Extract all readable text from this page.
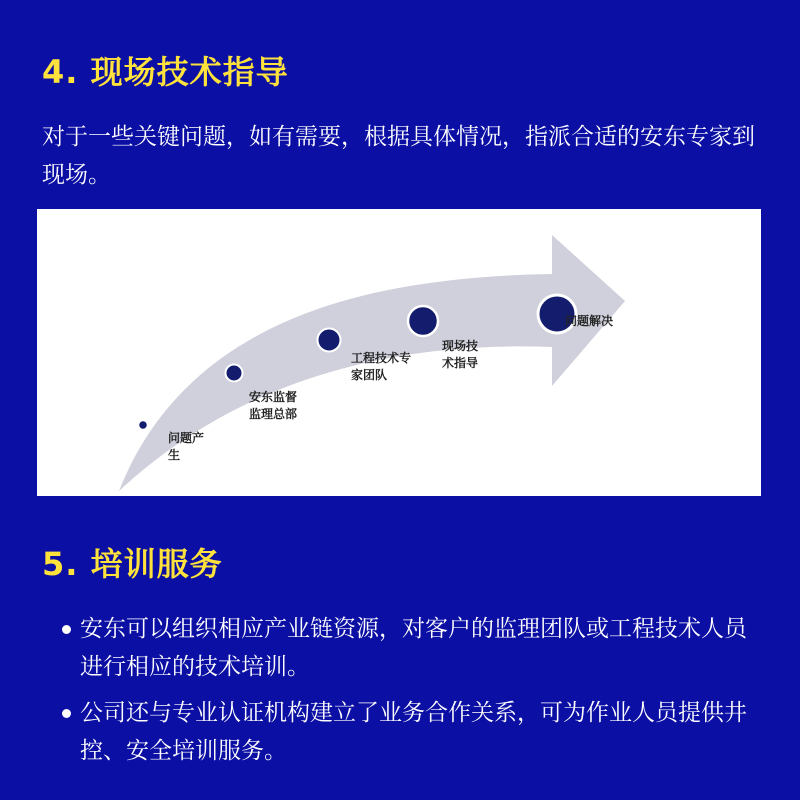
4. 现场技术指导

对于一些关键问题，如有需要，根据具体情况，指派合适的安东专家到现场。

问题产
生
安东监督
监理总部
工程技术专
家团队
现场技
术指导
问题解决
5. 培训服务
安东可以组织相应产业链资源，对客户的监理团队或工程技术人员进行相应的技术培训。
公司还与专业认证机构建立了业务合作关系，可为作业人员提供井控、安全培训服务。
